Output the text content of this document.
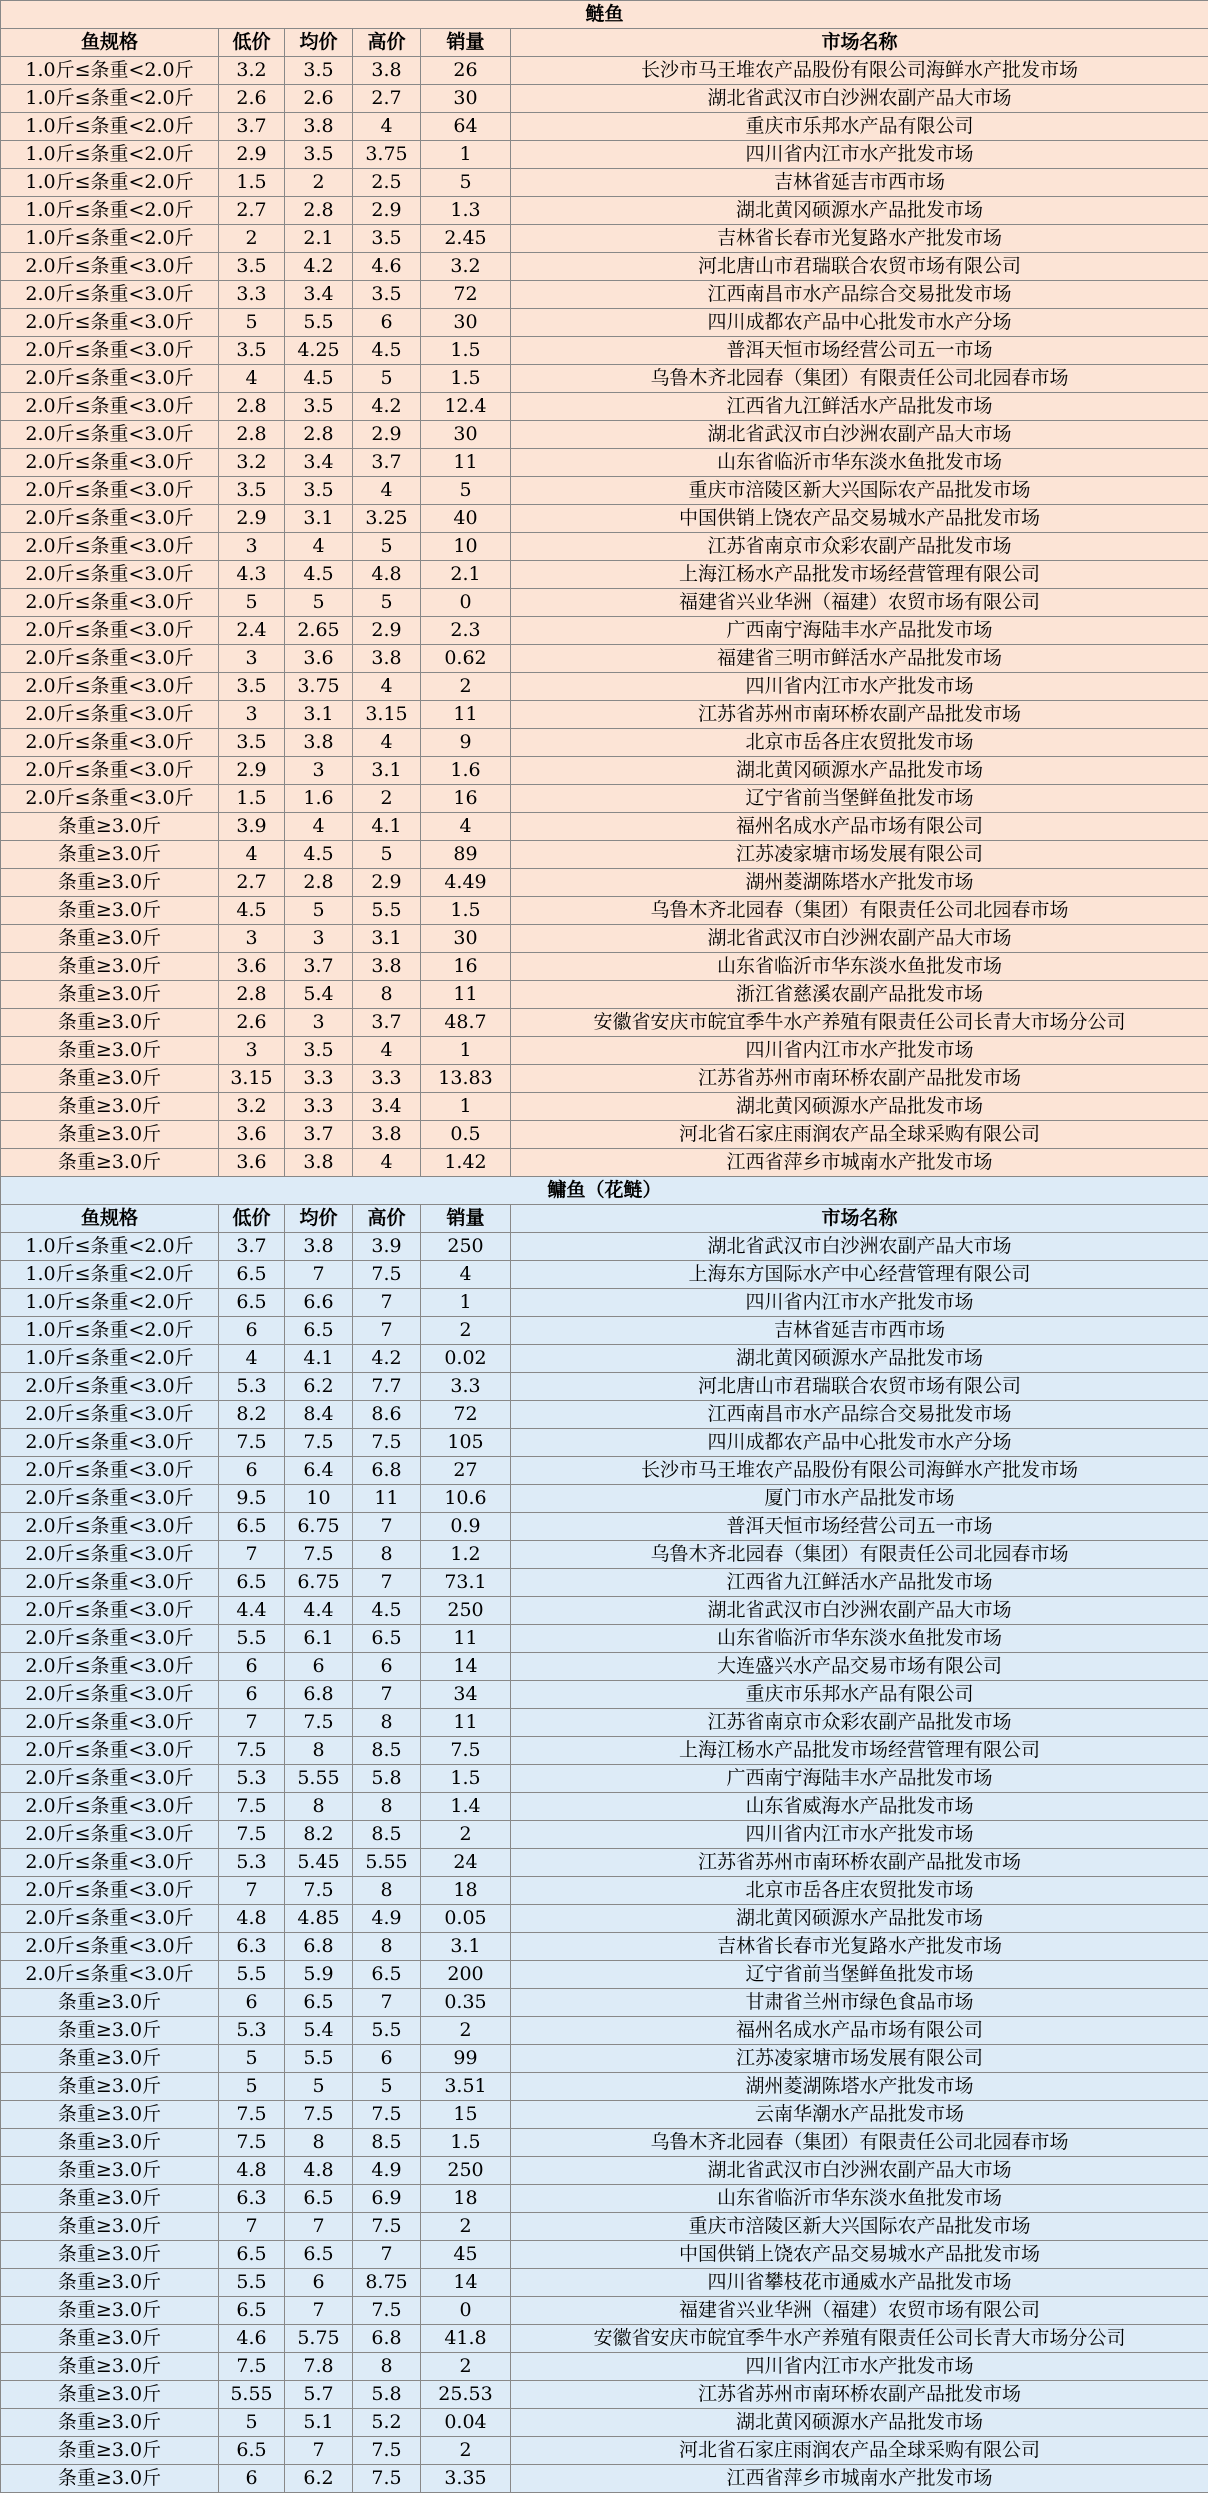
鲢鱼					
鱼规格	低价	均价	高价	销量	市场名称
1.0斤≤条重<2.0斤	3.2	3.5	3.8	26	长沙市马王堆农产品股份有限公司海鲜水产批发市场
1.0斤≤条重<2.0斤	2.6	2.6	2.7	30	湖北省武汉市白沙洲农副产品大市场
1.0斤≤条重<2.0斤	3.7	3.8	4	64	重庆市乐邦水产品有限公司
1.0斤≤条重<2.0斤	2.9	3.5	3.75	1	四川省内江市水产批发市场
1.0斤≤条重<2.0斤	1.5	2	2.5	5	吉林省延吉市西市场
1.0斤≤条重<2.0斤	2.7	2.8	2.9	1.3	湖北黄冈硕源水产品批发市场
1.0斤≤条重<2.0斤	2	2.1	3.5	2.45	吉林省长春市光复路水产批发市场
2.0斤≤条重<3.0斤	3.5	4.2	4.6	3.2	河北唐山市君瑞联合农贸市场有限公司
2.0斤≤条重<3.0斤	3.3	3.4	3.5	72	江西南昌市水产品综合交易批发市场
2.0斤≤条重<3.0斤	5	5.5	6	30	四川成都农产品中心批发市水产分场
2.0斤≤条重<3.0斤	3.5	4.25	4.5	1.5	普洱天恒市场经营公司五一市场
2.0斤≤条重<3.0斤	4	4.5	5	1.5	乌鲁木齐北园春（集团）有限责任公司北园春市场
2.0斤≤条重<3.0斤	2.8	3.5	4.2	12.4	江西省九江鲜活水产品批发市场
2.0斤≤条重<3.0斤	2.8	2.8	2.9	30	湖北省武汉市白沙洲农副产品大市场
2.0斤≤条重<3.0斤	3.2	3.4	3.7	11	山东省临沂市华东淡水鱼批发市场
2.0斤≤条重<3.0斤	3.5	3.5	4	5	重庆市涪陵区新大兴国际农产品批发市场
2.0斤≤条重<3.0斤	2.9	3.1	3.25	40	中国供销上饶农产品交易城水产品批发市场
2.0斤≤条重<3.0斤	3	4	5	10	江苏省南京市众彩农副产品批发市场
2.0斤≤条重<3.0斤	4.3	4.5	4.8	2.1	上海江杨水产品批发市场经营管理有限公司
2.0斤≤条重<3.0斤	5	5	5	0	福建省兴业华洲（福建）农贸市场有限公司
2.0斤≤条重<3.0斤	2.4	2.65	2.9	2.3	广西南宁海陆丰水产品批发市场
2.0斤≤条重<3.0斤	3	3.6	3.8	0.62	福建省三明市鲜活水产品批发市场
2.0斤≤条重<3.0斤	3.5	3.75	4	2	四川省内江市水产批发市场
2.0斤≤条重<3.0斤	3	3.1	3.15	11	江苏省苏州市南环桥农副产品批发市场
2.0斤≤条重<3.0斤	3.5	3.8	4	9	北京市岳各庄农贸批发市场
2.0斤≤条重<3.0斤	2.9	3	3.1	1.6	湖北黄冈硕源水产品批发市场
2.0斤≤条重<3.0斤	1.5	1.6	2	16	辽宁省前当堡鲜鱼批发市场
条重≥3.0斤	3.9	4	4.1	4	福州名成水产品市场有限公司
条重≥3.0斤	4	4.5	5	89	江苏凌家塘市场发展有限公司
条重≥3.0斤	2.7	2.8	2.9	4.49	湖州菱湖陈塔水产批发市场
条重≥3.0斤	4.5	5	5.5	1.5	乌鲁木齐北园春（集团）有限责任公司北园春市场
条重≥3.0斤	3	3	3.1	30	湖北省武汉市白沙洲农副产品大市场
条重≥3.0斤	3.6	3.7	3.8	16	山东省临沂市华东淡水鱼批发市场
条重≥3.0斤	2.8	5.4	8	11	浙江省慈溪农副产品批发市场
条重≥3.0斤	2.6	3	3.7	48.7	安徽省安庆市皖宜季牛水产养殖有限责任公司长青大市场分公司
条重≥3.0斤	3	3.5	4	1	四川省内江市水产批发市场
条重≥3.0斤	3.15	3.3	3.3	13.83	江苏省苏州市南环桥农副产品批发市场
条重≥3.0斤	3.2	3.3	3.4	1	湖北黄冈硕源水产品批发市场
条重≥3.0斤	3.6	3.7	3.8	0.5	河北省石家庄雨润农产品全球采购有限公司
条重≥3.0斤	3.6	3.8	4	1.42	江西省萍乡市城南水产批发市场
鳙鱼（花鲢）					
鱼规格	低价	均价	高价	销量	市场名称
1.0斤≤条重<2.0斤	3.7	3.8	3.9	250	湖北省武汉市白沙洲农副产品大市场
1.0斤≤条重<2.0斤	6.5	7	7.5	4	上海东方国际水产中心经营管理有限公司
1.0斤≤条重<2.0斤	6.5	6.6	7	1	四川省内江市水产批发市场
1.0斤≤条重<2.0斤	6	6.5	7	2	吉林省延吉市西市场
1.0斤≤条重<2.0斤	4	4.1	4.2	0.02	湖北黄冈硕源水产品批发市场
2.0斤≤条重<3.0斤	5.3	6.2	7.7	3.3	河北唐山市君瑞联合农贸市场有限公司
2.0斤≤条重<3.0斤	8.2	8.4	8.6	72	江西南昌市水产品综合交易批发市场
2.0斤≤条重<3.0斤	7.5	7.5	7.5	105	四川成都农产品中心批发市水产分场
2.0斤≤条重<3.0斤	6	6.4	6.8	27	长沙市马王堆农产品股份有限公司海鲜水产批发市场
2.0斤≤条重<3.0斤	9.5	10	11	10.6	厦门市水产品批发市场
2.0斤≤条重<3.0斤	6.5	6.75	7	0.9	普洱天恒市场经营公司五一市场
2.0斤≤条重<3.0斤	7	7.5	8	1.2	乌鲁木齐北园春（集团）有限责任公司北园春市场
2.0斤≤条重<3.0斤	6.5	6.75	7	73.1	江西省九江鲜活水产品批发市场
2.0斤≤条重<3.0斤	4.4	4.4	4.5	250	湖北省武汉市白沙洲农副产品大市场
2.0斤≤条重<3.0斤	5.5	6.1	6.5	11	山东省临沂市华东淡水鱼批发市场
2.0斤≤条重<3.0斤	6	6	6	14	大连盛兴水产品交易市场有限公司
2.0斤≤条重<3.0斤	6	6.8	7	34	重庆市乐邦水产品有限公司
2.0斤≤条重<3.0斤	7	7.5	8	11	江苏省南京市众彩农副产品批发市场
2.0斤≤条重<3.0斤	7.5	8	8.5	7.5	上海江杨水产品批发市场经营管理有限公司
2.0斤≤条重<3.0斤	5.3	5.55	5.8	1.5	广西南宁海陆丰水产品批发市场
2.0斤≤条重<3.0斤	7.5	8	8	1.4	山东省威海水产品批发市场
2.0斤≤条重<3.0斤	7.5	8.2	8.5	2	四川省内江市水产批发市场
2.0斤≤条重<3.0斤	5.3	5.45	5.55	24	江苏省苏州市南环桥农副产品批发市场
2.0斤≤条重<3.0斤	7	7.5	8	18	北京市岳各庄农贸批发市场
2.0斤≤条重<3.0斤	4.8	4.85	4.9	0.05	湖北黄冈硕源水产品批发市场
2.0斤≤条重<3.0斤	6.3	6.8	8	3.1	吉林省长春市光复路水产批发市场
2.0斤≤条重<3.0斤	5.5	5.9	6.5	200	辽宁省前当堡鲜鱼批发市场
条重≥3.0斤	6	6.5	7	0.35	甘肃省兰州市绿色食品市场
条重≥3.0斤	5.3	5.4	5.5	2	福州名成水产品市场有限公司
条重≥3.0斤	5	5.5	6	99	江苏凌家塘市场发展有限公司
条重≥3.0斤	5	5	5	3.51	湖州菱湖陈塔水产批发市场
条重≥3.0斤	7.5	7.5	7.5	15	云南华潮水产品批发市场
条重≥3.0斤	7.5	8	8.5	1.5	乌鲁木齐北园春（集团）有限责任公司北园春市场
条重≥3.0斤	4.8	4.8	4.9	250	湖北省武汉市白沙洲农副产品大市场
条重≥3.0斤	6.3	6.5	6.9	18	山东省临沂市华东淡水鱼批发市场
条重≥3.0斤	7	7	7.5	2	重庆市涪陵区新大兴国际农产品批发市场
条重≥3.0斤	6.5	6.5	7	45	中国供销上饶农产品交易城水产品批发市场
条重≥3.0斤	5.5	6	8.75	14	四川省攀枝花市通威水产品批发市场
条重≥3.0斤	6.5	7	7.5	0	福建省兴业华洲（福建）农贸市场有限公司
条重≥3.0斤	4.6	5.75	6.8	41.8	安徽省安庆市皖宜季牛水产养殖有限责任公司长青大市场分公司
条重≥3.0斤	7.5	7.8	8	2	四川省内江市水产批发市场
条重≥3.0斤	5.55	5.7	5.8	25.53	江苏省苏州市南环桥农副产品批发市场
条重≥3.0斤	5	5.1	5.2	0.04	湖北黄冈硕源水产品批发市场
条重≥3.0斤	6.5	7	7.5	2	河北省石家庄雨润农产品全球采购有限公司
条重≥3.0斤	6	6.2	7.5	3.35	江西省萍乡市城南水产批发市场
